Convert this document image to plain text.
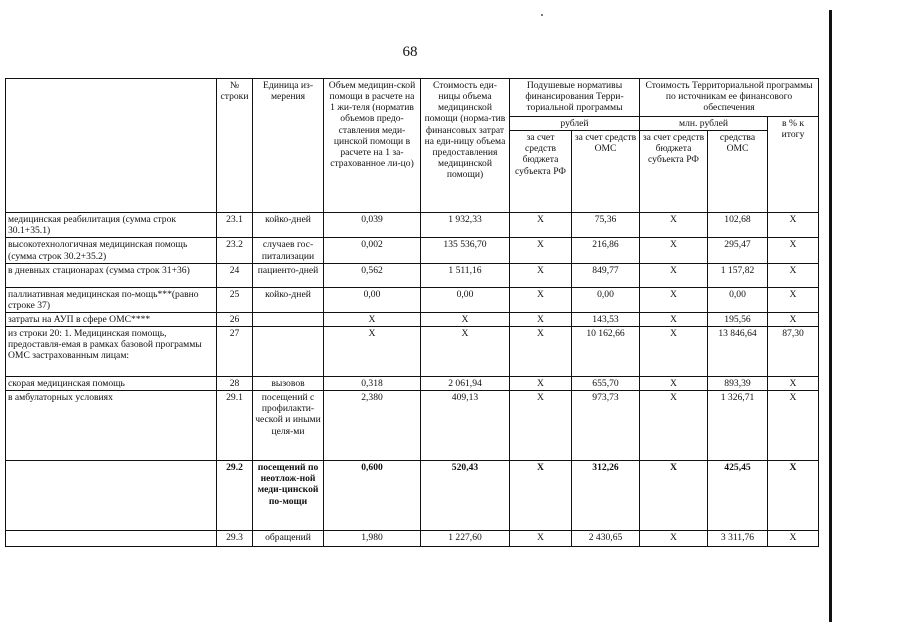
68
	№ строки	Единица из-мерения	Объем медицин-ской помощи в расчете на 1 жи-теля (норматив объемов предо-ставления меди-цинской помощи в расчете на 1 за-страхованное ли-цо)	Стоимость еди-ницы объема медицинской помощи (норма-тив финансовых затрат на еди-ницу объема предоставления медицинской помощи)	Подушевые нормативы финансирования Терри-ториальной программы		Стоимость Территориальной программы по источникам ее финансового обеспечения		
					рублей		млн. рублей		в % к итогу
					за счет средств бюджета субъекта РФ	за счет средств ОМС	за счет средств бюджета субъекта РФ	средства ОМС	
медицинская реабилитация (сумма строк 30.1+35.1)	23.1	койко-дней	0,039	1 932,33	X	75,36	X	102,68	X
высокотехнологичная медицинская помощь (сумма строк 30.2+35.2)	23.2	случаев гос-питализации	0,002	135 536,70	X	216,86	X	295,47	X
в дневных стационарах (сумма строк 31+36)	24	пациенто-дней	0,562	1 511,16	X	849,77	X	1 157,82	X
паллиативная медицинская по-мощь***(равно строке 37)	25	койко-дней	0,00	0,00	X	0,00	X	0,00	X
затраты на АУП в сфере ОМС****	26		X	X	X	143,53	X	195,56	X
из строки 20: 1. Медицинская помощь, предоставля-емая в рамках базовой программы ОМС застрахованным лицам:	27		X	X	X	10 162,66	X	13 846,64	87,30
скорая медицинская помощь	28	вызовов	0,318	2 061,94	X	655,70	X	893,39	X
в амбулаторных условиях	29.1	посещений с профилакти-ческой и иными целя-ми	2,380	409,13	X	973,73	X	1 326,71	X
	29.2	посещений по неотлож-ной меди-цинской по-мощи	0,600	520,43	X	312,26	X	425,45	X
	29.3	обращений	1,980	1 227,60	X	2 430,65	X	3 311,76	X
